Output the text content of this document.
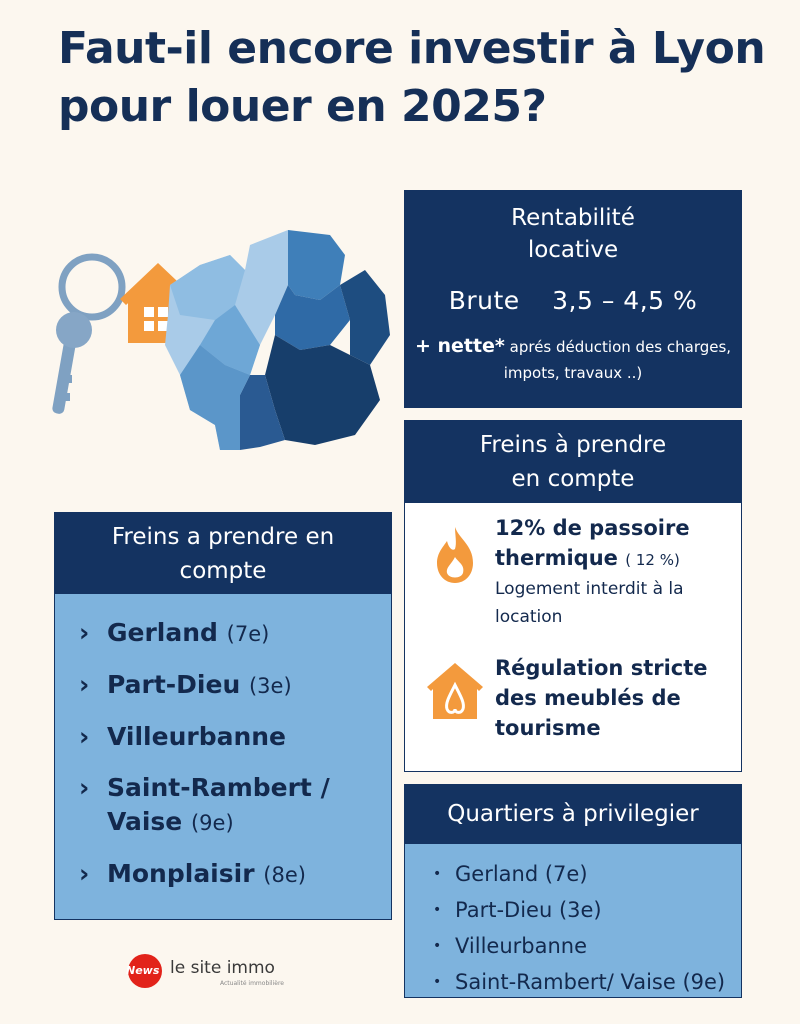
Faut-il encore investir à Lyon pour louer en 2025?
Rentabilité
locative
Brute 3,5 – 4,5 %
+ nette* aprés déduction des charges, impots, travaux ..)
Freins à prendre
en compte
12% de passoire thermique ( 12 %)
Logement interdit à la location
Régulation stricte des meublés de tourisme
Freins a prendre en
compte
› Gerland (7e)
› Part-Dieu (3e)
› Villeurbanne
› Saint-Rambert / Vaise (9e)
› Monplaisir (8e)
Quartiers à privilegier
• Gerland (7e)
• Part-Dieu (3e)
• Villeurbanne
• Saint-Rambert/ Vaise (9e)
News le site immo
Actualité immobilière
